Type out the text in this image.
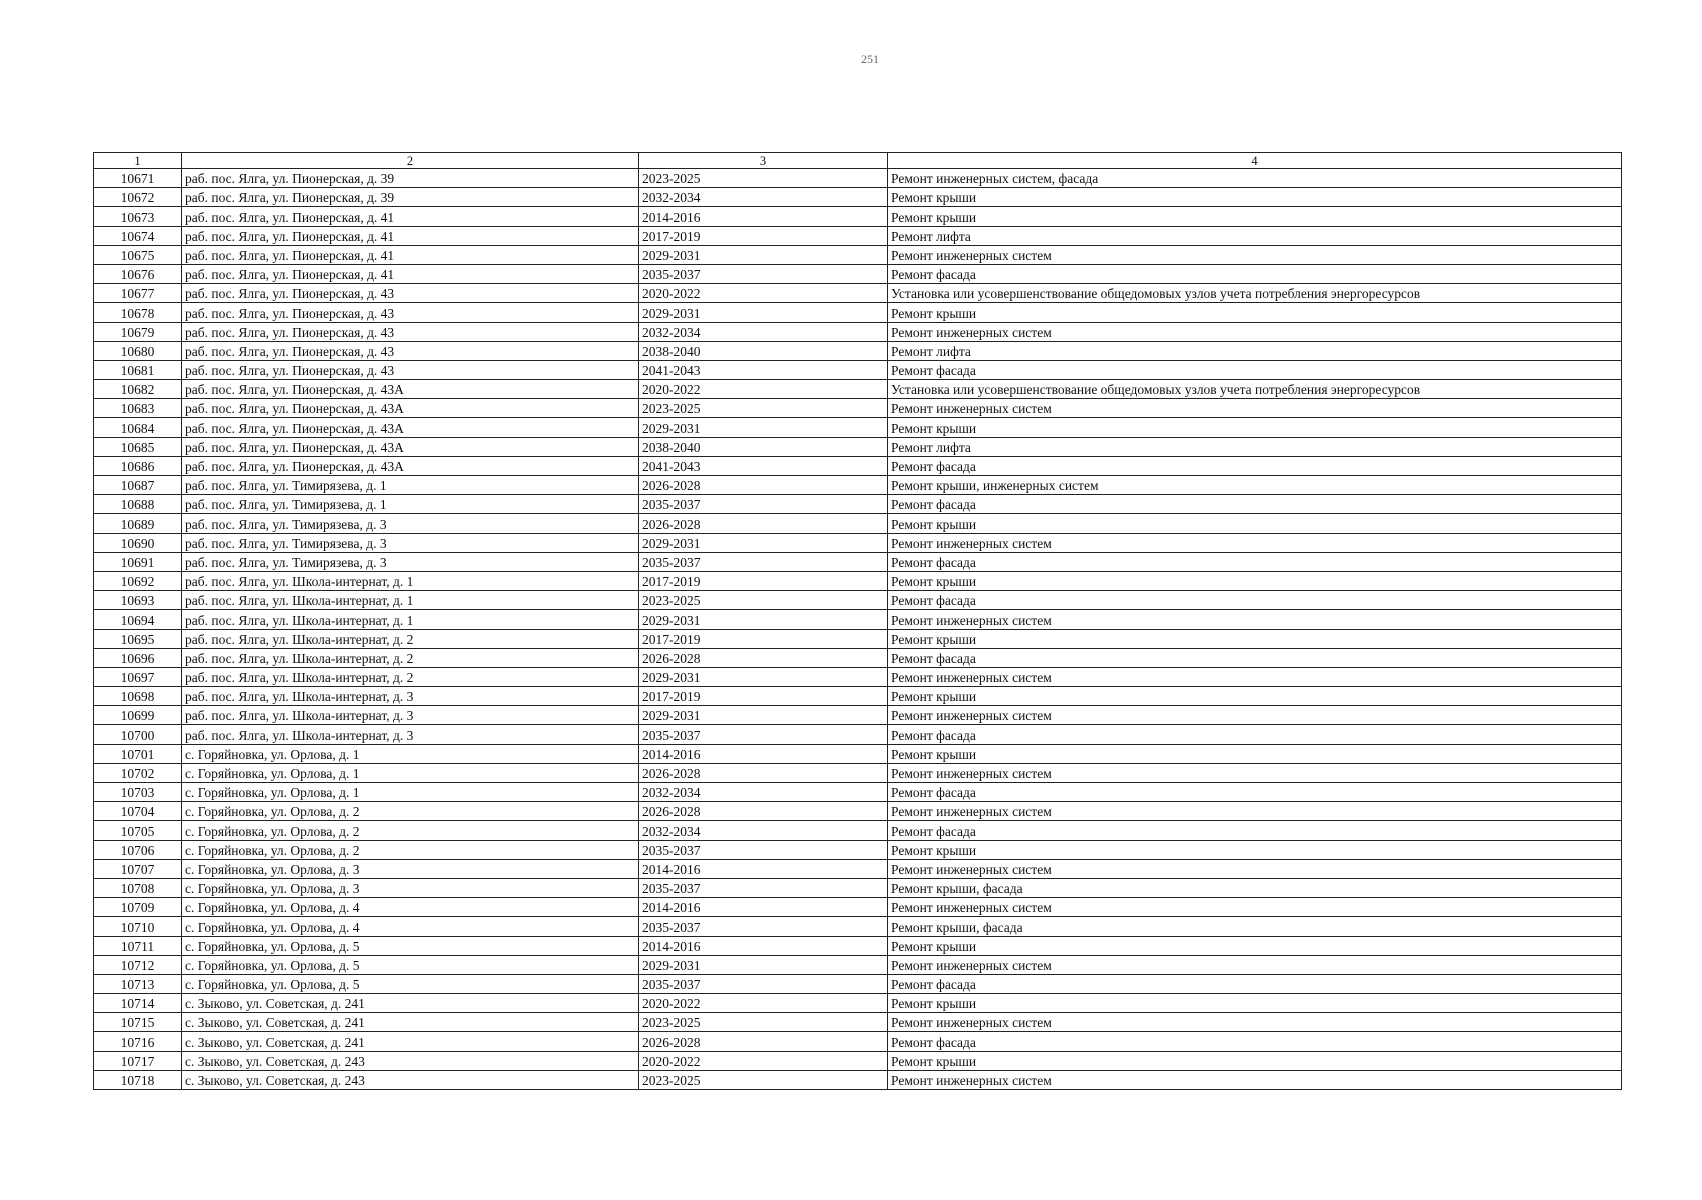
251
1	2	3	4
10671	раб. пос. Ялга, ул. Пионерская, д. 39	2023-2025	Ремонт инженерных систем, фасада
10672	раб. пос. Ялга, ул. Пионерская, д. 39	2032-2034	Ремонт крыши
10673	раб. пос. Ялга, ул. Пионерская, д. 41	2014-2016	Ремонт крыши
10674	раб. пос. Ялга, ул. Пионерская, д. 41	2017-2019	Ремонт лифта
10675	раб. пос. Ялга, ул. Пионерская, д. 41	2029-2031	Ремонт инженерных систем
10676	раб. пос. Ялга, ул. Пионерская, д. 41	2035-2037	Ремонт фасада
10677	раб. пос. Ялга, ул. Пионерская, д. 43	2020-2022	Установка или усовершенствование общедомовых узлов учета потребления энергоресурсов
10678	раб. пос. Ялга, ул. Пионерская, д. 43	2029-2031	Ремонт крыши
10679	раб. пос. Ялга, ул. Пионерская, д. 43	2032-2034	Ремонт инженерных систем
10680	раб. пос. Ялга, ул. Пионерская, д. 43	2038-2040	Ремонт лифта
10681	раб. пос. Ялга, ул. Пионерская, д. 43	2041-2043	Ремонт фасада
10682	раб. пос. Ялга, ул. Пионерская, д. 43А	2020-2022	Установка или усовершенствование общедомовых узлов учета потребления энергоресурсов
10683	раб. пос. Ялга, ул. Пионерская, д. 43А	2023-2025	Ремонт инженерных систем
10684	раб. пос. Ялга, ул. Пионерская, д. 43А	2029-2031	Ремонт крыши
10685	раб. пос. Ялга, ул. Пионерская, д. 43А	2038-2040	Ремонт лифта
10686	раб. пос. Ялга, ул. Пионерская, д. 43А	2041-2043	Ремонт фасада
10687	раб. пос. Ялга, ул. Тимирязева, д. 1	2026-2028	Ремонт крыши, инженерных систем
10688	раб. пос. Ялга, ул. Тимирязева, д. 1	2035-2037	Ремонт фасада
10689	раб. пос. Ялга, ул. Тимирязева, д. 3	2026-2028	Ремонт крыши
10690	раб. пос. Ялга, ул. Тимирязева, д. 3	2029-2031	Ремонт инженерных систем
10691	раб. пос. Ялга, ул. Тимирязева, д. 3	2035-2037	Ремонт фасада
10692	раб. пос. Ялга, ул. Школа-интернат, д. 1	2017-2019	Ремонт крыши
10693	раб. пос. Ялга, ул. Школа-интернат, д. 1	2023-2025	Ремонт фасада
10694	раб. пос. Ялга, ул. Школа-интернат, д. 1	2029-2031	Ремонт инженерных систем
10695	раб. пос. Ялга, ул. Школа-интернат, д. 2	2017-2019	Ремонт крыши
10696	раб. пос. Ялга, ул. Школа-интернат, д. 2	2026-2028	Ремонт фасада
10697	раб. пос. Ялга, ул. Школа-интернат, д. 2	2029-2031	Ремонт инженерных систем
10698	раб. пос. Ялга, ул. Школа-интернат, д. 3	2017-2019	Ремонт крыши
10699	раб. пос. Ялга, ул. Школа-интернат, д. 3	2029-2031	Ремонт инженерных систем
10700	раб. пос. Ялга, ул. Школа-интернат, д. 3	2035-2037	Ремонт фасада
10701	с. Горяйновка, ул. Орлова, д. 1	2014-2016	Ремонт крыши
10702	с. Горяйновка, ул. Орлова, д. 1	2026-2028	Ремонт инженерных систем
10703	с. Горяйновка, ул. Орлова, д. 1	2032-2034	Ремонт фасада
10704	с. Горяйновка, ул. Орлова, д. 2	2026-2028	Ремонт инженерных систем
10705	с. Горяйновка, ул. Орлова, д. 2	2032-2034	Ремонт фасада
10706	с. Горяйновка, ул. Орлова, д. 2	2035-2037	Ремонт крыши
10707	с. Горяйновка, ул. Орлова, д. 3	2014-2016	Ремонт инженерных систем
10708	с. Горяйновка, ул. Орлова, д. 3	2035-2037	Ремонт крыши, фасада
10709	с. Горяйновка, ул. Орлова, д. 4	2014-2016	Ремонт инженерных систем
10710	с. Горяйновка, ул. Орлова, д. 4	2035-2037	Ремонт крыши, фасада
10711	с. Горяйновка, ул. Орлова, д. 5	2014-2016	Ремонт крыши
10712	с. Горяйновка, ул. Орлова, д. 5	2029-2031	Ремонт инженерных систем
10713	с. Горяйновка, ул. Орлова, д. 5	2035-2037	Ремонт фасада
10714	с. Зыково, ул. Советская, д. 241	2020-2022	Ремонт крыши
10715	с. Зыково, ул. Советская, д. 241	2023-2025	Ремонт инженерных систем
10716	с. Зыково, ул. Советская, д. 241	2026-2028	Ремонт фасада
10717	с. Зыково, ул. Советская, д. 243	2020-2022	Ремонт крыши
10718	с. Зыково, ул. Советская, д. 243	2023-2025	Ремонт инженерных систем
